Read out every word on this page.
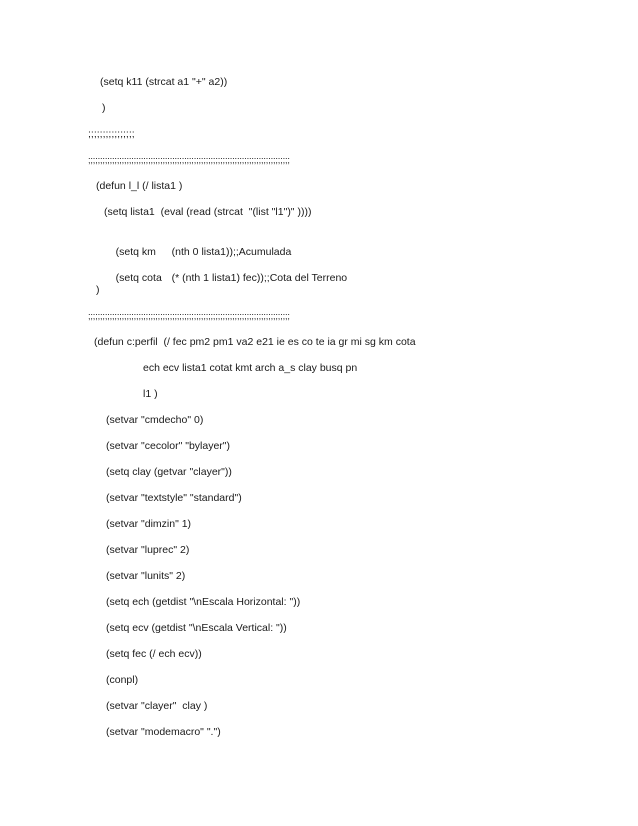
(setq k11 (strcat a1 "+" a2))
)
;;;;;;;;;;;;;;;;
;;;;;;;;;;;;;;;;;;;;;;;;;;;;;;;;;;;;;;;;;;;;;;;;;;;;;;;;;;;;;;;;;;;;;;;;;;;;;;;;;;;;
(defun l_l (/ lista1 )
(setq lista1  (eval (read (strcat  "(list "l1")" ))))

(setq km (nth 0 lista1));;Acumulada

(setq cota (* (nth 1 lista1) fec));;Cota del Terreno

)
;;;;;;;;;;;;;;;;;;;;;;;;;;;;;;;;;;;;;;;;;;;;;;;;;;;;;;;;;;;;;;;;;;;;;;;;;;;;;;;;;;;;
(defun c:perfil  (/ fec pm2 pm1 va2 e21 ie es co te ia gr mi sg km cota
ech ecv lista1 cotat kmt arch a_s clay busq pn
l1 )
(setvar "cmdecho" 0)
(setvar "cecolor" "bylayer")
(setq clay (getvar "clayer"))
(setvar "textstyle" "standard")
(setvar "dimzin" 1)
(setvar "luprec" 2)
(setvar "lunits" 2)
(setq ech (getdist "\nEscala Horizontal: "))
(setq ecv (getdist "\nEscala Vertical: "))
(setq fec (/ ech ecv))
(conpl)
(setvar "clayer"  clay )
(setvar "modemacro" ".")
